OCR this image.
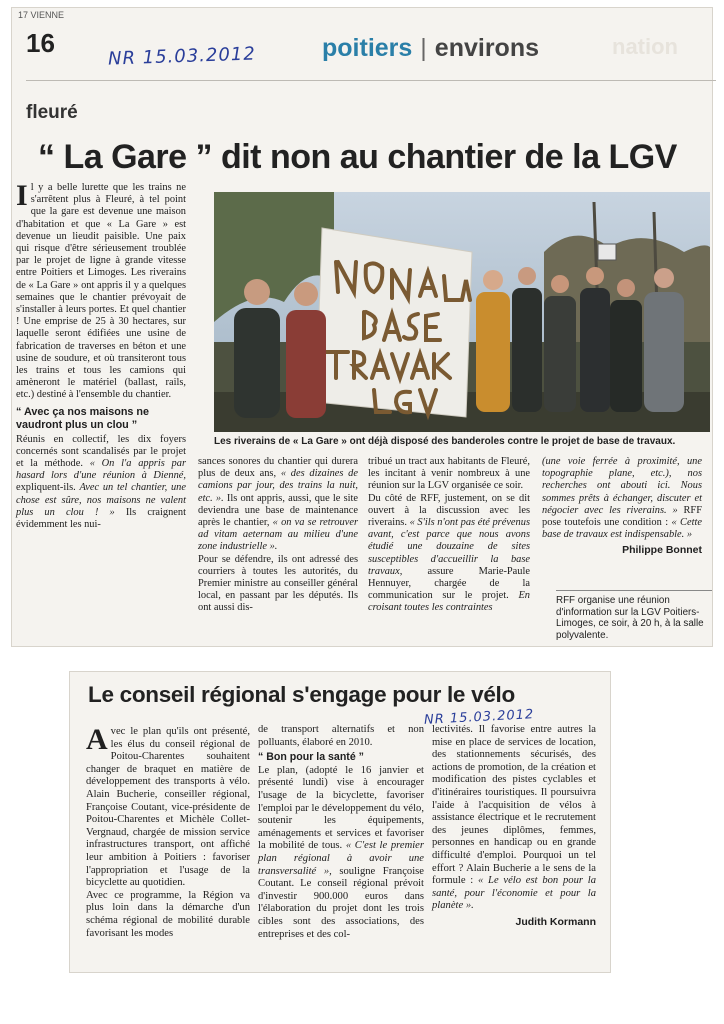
17 VIENNE
16	NR 15.03.2012	poitiers | environs	nation
fleuré
“ La Gare ” dit non au chantier de la LGV

Il y a belle lurette que les trains ne s'arrêtent plus à Fleuré, à tel point que la gare est devenue une maison d'habitation et que « La Gare » est devenue un lieudit paisible. Une paix qui risque d'être sérieusement troublée par le projet de ligne à grande vitesse entre Poitiers et Limoges. Les riverains de « La Gare » ont appris il y a quelques semaines que le chantier prévoyait de s'installer à leurs portes. Et quel chantier ! Une emprise de 25 à 30 hectares, sur laquelle seront édifiées une usine de fabrication de traverses en béton et une usine de soudure, et où transiteront tous les trains et tous les camions qui amèneront le matériel (ballast, rails, etc.) destiné à l'ensemble du chantier.

“ Avec ça nos maisons ne vaudront plus un clou ”

Réunis en collectif, les dix foyers concernés sont scandalisés par le projet et la méthode. « On l'a appris par hasard lors d'une réunion à Dienné, expliquent-ils. Avec un tel chantier, une chose est sûre, nos maisons ne valent plus un clou ! » Ils craignent évidemment les nui-

Les riverains de « La Gare » ont déjà disposé des banderoles contre le projet de base de travaux.

sances sonores du chantier qui durera plus de deux ans, « des dizaines de camions par jour, des trains la nuit, etc. ». Ils ont appris, aussi, que le site deviendra une base de maintenance après le chantier, « on va se retrouver ad vitam aeternam au milieu d'une zone industrielle ».

Pour se défendre, ils ont adressé des courriers à toutes les autorités, du Premier ministre au conseiller général local, en passant par les députés. Ils ont aussi dis-

tribué un tract aux habitants de Fleuré, les incitant à venir nombreux à une réunion sur la LGV organisée ce soir.

Du côté de RFF, justement, on se dit ouvert à la discussion avec les riverains. « S'ils n'ont pas été prévenus avant, c'est parce que nous avons étudié une douzaine de sites susceptibles d'accueillir la base travaux, assure Marie-Paule Hennuyer, chargée de la communication sur le projet. En croisant toutes les contraintes

(une voie ferrée à proximité, une topographie plane, etc.), nos recherches ont abouti ici. Nous sommes prêts à échanger, discuter et négocier avec les riverains. » RFF pose toutefois une condition : « Cette base de travaux est indispensable. »

Philippe Bonnet

RFF organise une réunion d'information sur la LGV Poitiers-Limoges, ce soir, à 20 h, à la salle polyvalente.
Le conseil régional s'engage pour le vélo
NR 15.03.2012

Avec le plan qu'ils ont présenté, les élus du conseil régional de Poitou-Charentes souhaitent changer de braquet en matière de développement des transports à vélo. Alain Bucherie, conseiller régional, Françoise Coutant, vice-présidente de Poitou-Charentes et Michèle Collet-Vergnaud, chargée de mission service infrastructures transport, ont affiché leur ambition à Poitiers : favoriser l'appropriation et l'usage de la bicyclette au quotidien.

Avec ce programme, la Région va plus loin dans la démarche d'un schéma régional de mobilité durable favorisant les modes

de transport alternatifs et non polluants, élaboré en 2010.

“ Bon pour la santé ”

Le plan, (adopté le 16 janvier et présenté lundi) vise à encourager l'usage de la bicyclette, favoriser l'emploi par le développement du vélo, soutenir les équipements, aménagements et services et favoriser la mobilité de tous. « C'est le premier plan régional à avoir une transversalité », souligne Françoise Coutant. Le conseil régional prévoit d'investir 900.000 euros dans l'élaboration du projet dont les trois cibles sont des associations, des entreprises et des col-

lectivités. Il favorise entre autres la mise en place de services de location, des stationnements sécurisés, des actions de promotion, de la création et modification des pistes cyclables et d'itinéraires touristiques. Il poursuivra l'aide à l'acquisition de vélos à assistance électrique et le recrutement des jeunes diplômes, femmes, personnes en handicap ou en grande difficulté d'emploi. Pourquoi un tel effort ? Alain Bucherie a le sens de la formule : « Le vélo est bon pour la santé, pour l'économie et pour la planète ».

Judith Kormann
